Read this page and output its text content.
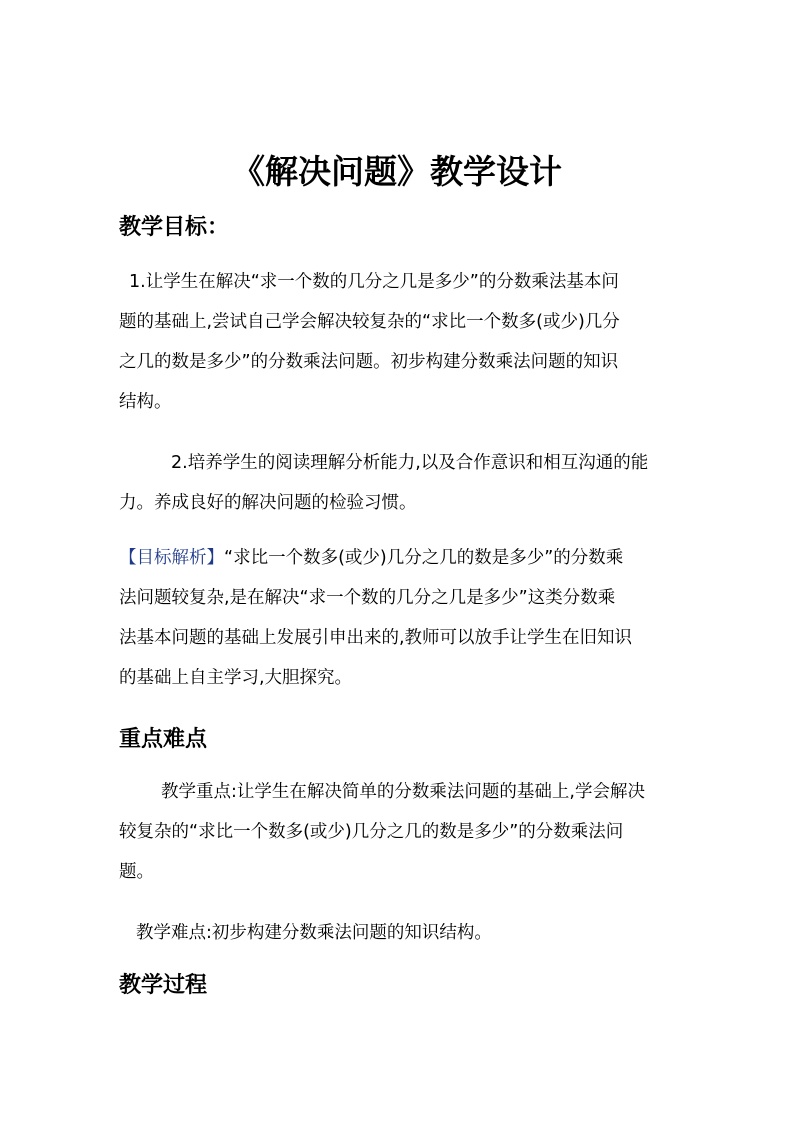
《解决问题》教学设计
教学目标：

1.让学生在解决“求一个数的几分之几是多少”的分数乘法基本问
题的基础上,尝试自己学会解决较复杂的“求比一个数多(或少)几分
之几的数是多少”的分数乘法问题。初步构建分数乘法问题的知识
结构。

2.培养学生的阅读理解分析能力,以及合作意识和相互沟通的能
力。养成良好的解决问题的检验习惯。

【目标解析】“求比一个数多(或少)几分之几的数是多少”的分数乘
法问题较复杂,是在解决“求一个数的几分之几是多少”这类分数乘
法基本问题的基础上发展引申出来的,教师可以放手让学生在旧知识
的基础上自主学习,大胆探究。

重点难点

教学重点:让学生在解决简单的分数乘法问题的基础上,学会解决
较复杂的“求比一个数多(或少)几分之几的数是多少”的分数乘法问
题。

教学难点:初步构建分数乘法问题的知识结构。

教学过程
